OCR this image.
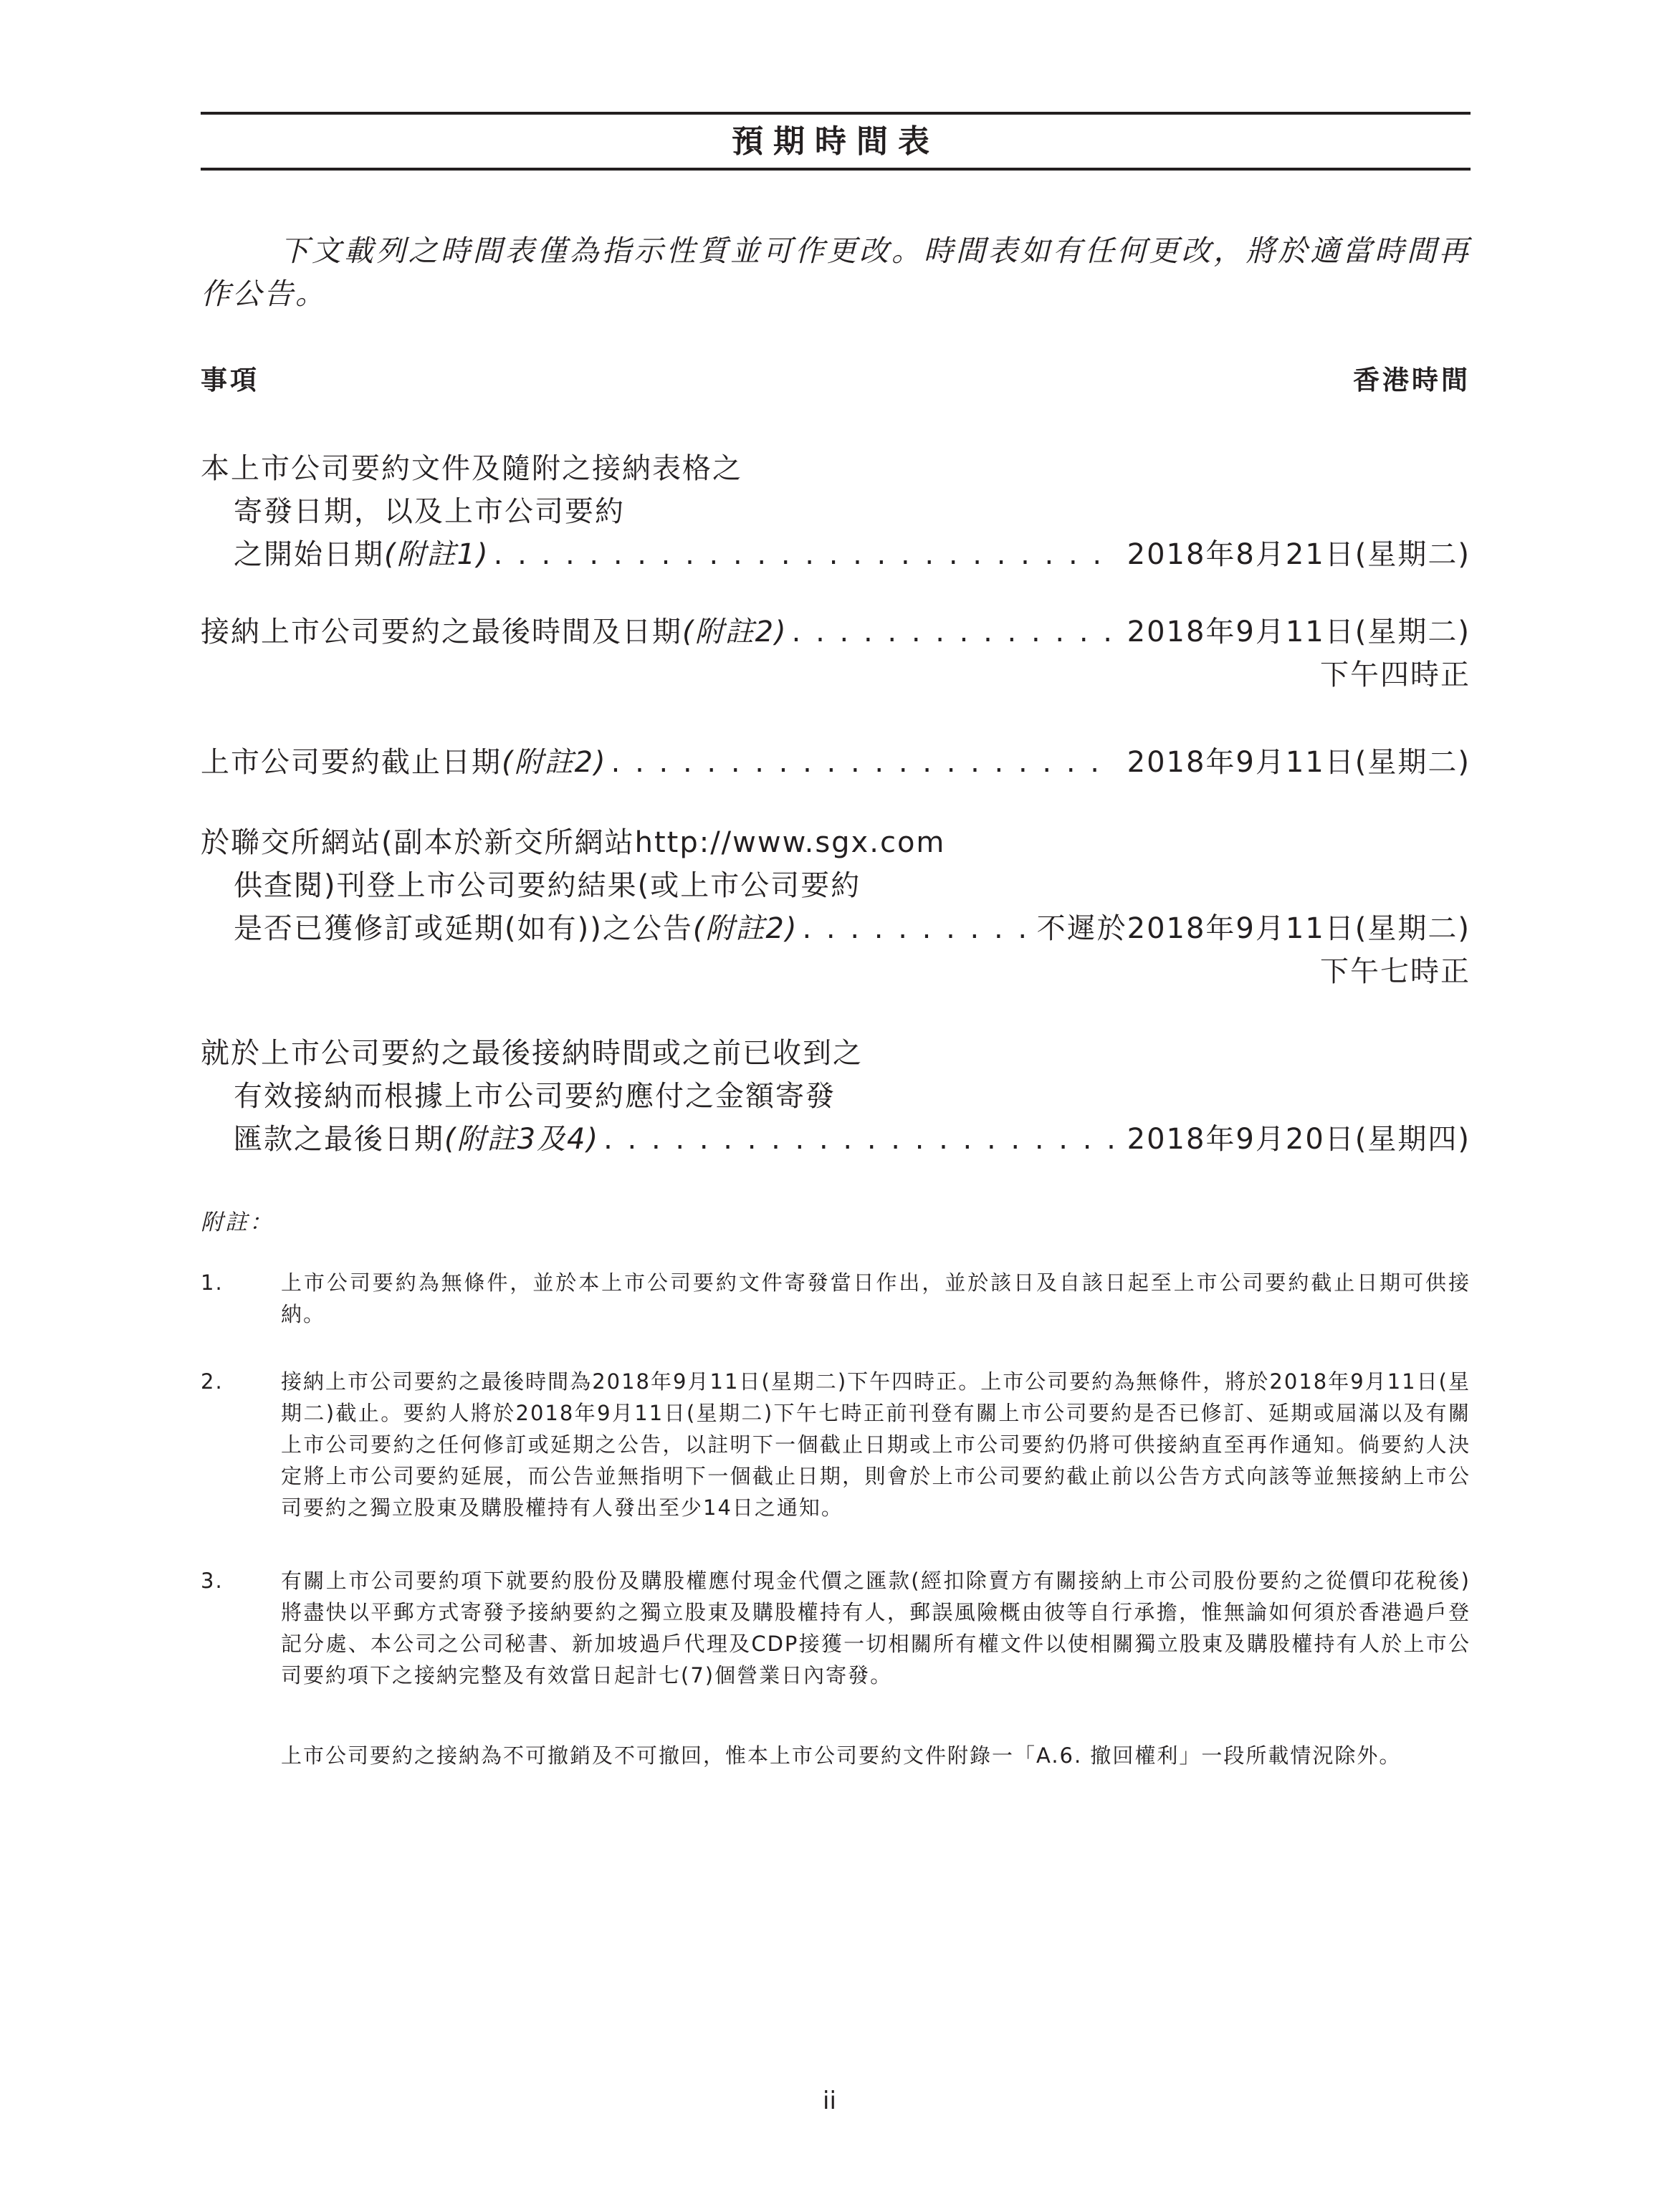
預期時間表
下文載列之時間表僅為指示性質並可作更改。時間表如有任何更改，將於適當時間再作公告。
事項	香港時間
本上市公司要約文件及隨附之接納表格之
寄發日期，以及上市公司要約
之開始日期(附註1) . . .	2018年8月21日(星期二)
接納上市公司要約之最後時間及日期(附註2) . . .	2018年9月11日(星期二)
下午四時正
上市公司要約截止日期(附註2) . . .	2018年9月11日(星期二)
於聯交所網站(副本於新交所網站http://www.sgx.com
供查閱)刊登上市公司要約結果(或上市公司要約
是否已獲修訂或延期(如有))之公告(附註2) . . .	不遲於2018年9月11日(星期二)
下午七時正
就於上市公司要約之最後接納時間或之前已收到之
有效接納而根據上市公司要約應付之金額寄發
匯款之最後日期(附註3及4) . . .	2018年9月20日(星期四)
附註：
1.	上市公司要約為無條件，並於本上市公司要約文件寄發當日作出，並於該日及自該日起至上市公司要約截止日期可供接納。
2.	接納上市公司要約之最後時間為2018年9月11日(星期二)下午四時正。上市公司要約為無條件，將於2018年9月11日(星期二)截止。要約人將於2018年9月11日(星期二)下午七時正前刊登有關上市公司要約是否已修訂、延期或屆滿以及有關上市公司要約之任何修訂或延期之公告，以註明下一個截止日期或上市公司要約仍將可供接納直至再作通知。倘要約人決定將上市公司要約延展，而公告並無指明下一個截止日期，則會於上市公司要約截止前以公告方式向該等並無接納上市公司要約之獨立股東及購股權持有人發出至少14日之通知。
3.	有關上市公司要約項下就要約股份及購股權應付現金代價之匯款(經扣除賣方有關接納上市公司股份要約之從價印花稅後)將盡快以平郵方式寄發予接納要約之獨立股東及購股權持有人，郵誤風險概由彼等自行承擔，惟無論如何須於香港過戶登記分處、本公司之公司秘書、新加坡過戶代理及CDP接獲一切相關所有權文件以使相關獨立股東及購股權持有人於上市公司要約項下之接納完整及有效當日起計七(7)個營業日內寄發。
上市公司要約之接納為不可撤銷及不可撤回，惟本上市公司要約文件附錄一「A.6. 撤回權利」一段所載情況除外。
ii
